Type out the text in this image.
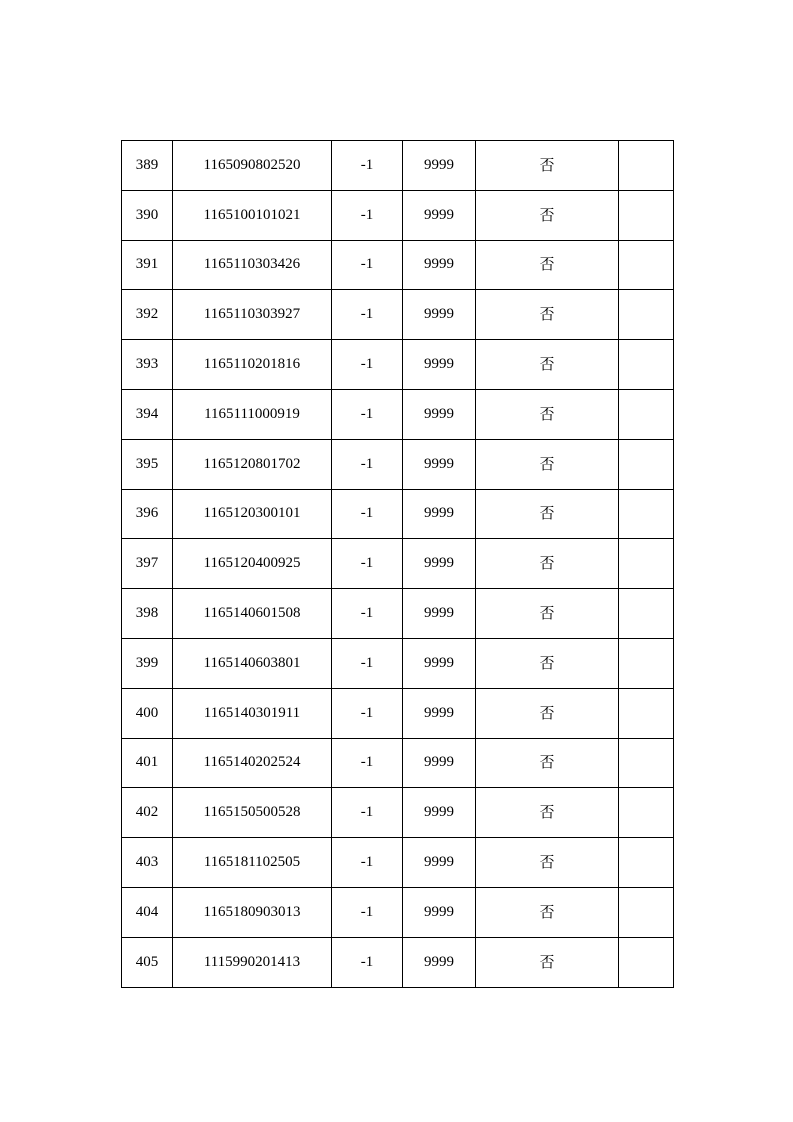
389	1165090802520	-1	9999	否	
390	1165100101021	-1	9999	否	
391	1165110303426	-1	9999	否	
392	1165110303927	-1	9999	否	
393	1165110201816	-1	9999	否	
394	1165111000919	-1	9999	否	
395	1165120801702	-1	9999	否	
396	1165120300101	-1	9999	否	
397	1165120400925	-1	9999	否	
398	1165140601508	-1	9999	否	
399	1165140603801	-1	9999	否	
400	1165140301911	-1	9999	否	
401	1165140202524	-1	9999	否	
402	1165150500528	-1	9999	否	
403	1165181102505	-1	9999	否	
404	1165180903013	-1	9999	否	
405	1115990201413	-1	9999	否	
